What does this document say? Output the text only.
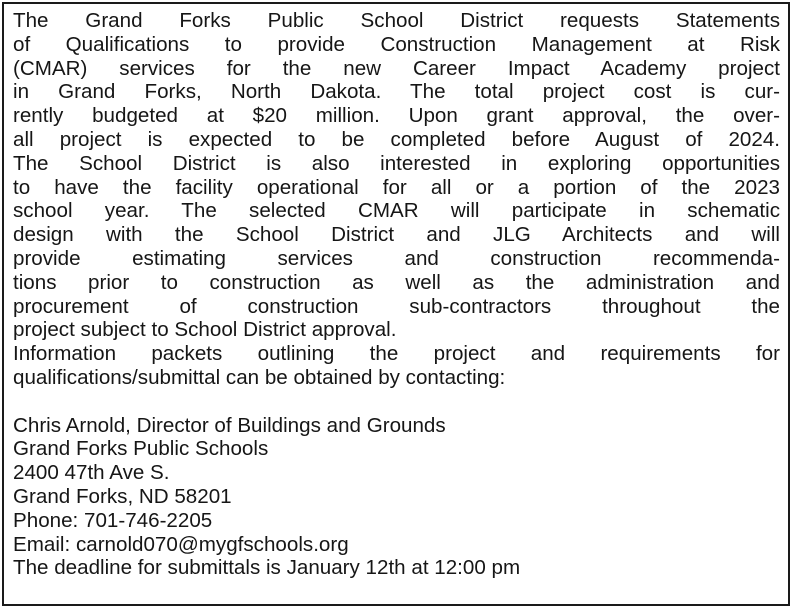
The Grand Forks Public School District requests Statements
of Qualifications to provide Construction Management at Risk
(CMAR) services for the new Career Impact Academy project
in Grand Forks, North Dakota. The total project cost is cur-
rently budgeted at $20 million. Upon grant approval, the over-
all project is expected to be completed before August of 2024.
The School District is also interested in exploring opportunities
to have the facility operational for all or a portion of the 2023
school year. The selected CMAR will participate in schematic
design with the School District and JLG Architects and will
provide estimating services and construction recommenda-
tions prior to construction as well as the administration and
procurement of construction sub-contractors throughout the
project subject to School District approval.
Information packets outlining the project and requirements for
qualifications/submittal can be obtained by contacting:
Chris Arnold, Director of Buildings and Grounds
Grand Forks Public Schools
2400 47th Ave S.
Grand Forks, ND 58201
Phone: 701-746-2205
Email: carnold070@mygfschools.org
The deadline for submittals is January 12th at 12:00 pm
